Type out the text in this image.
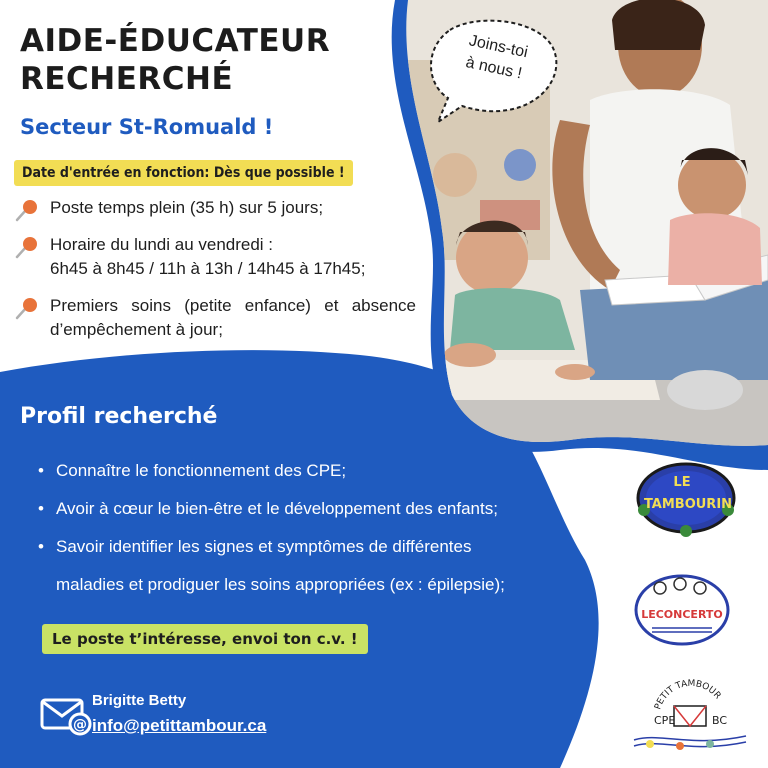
Joins-toi
à nous !
AIDE-ÉDUCATEUR
RECHERCHÉ
Secteur St-Romuald !
Date d'entrée en fonction: Dès que possible !
Poste temps plein (35 h) sur 5 jours;
Horaire du lundi au vendredi :
6h45 à 8h45 / 11h à 13h / 14h45 à 17h45;
Premiers soins (petite enfance) et absence d’empêchement à jour;
Profil recherché
• Connaître le fonctionnement des CPE;
• Avoir à cœur le bien-être et le développement des enfants;
• Savoir identifier les signes et symptômes de différentes
maladies et prodiguer les soins appropriées (ex : épilepsie);
Le poste t’intéresse, envoi ton c.v. !
@
Brigitte Betty
info@petittambour.ca
LE
TAMBOURIN
LECONCERTO
PETIT TAMBOUR
CPE	BC
